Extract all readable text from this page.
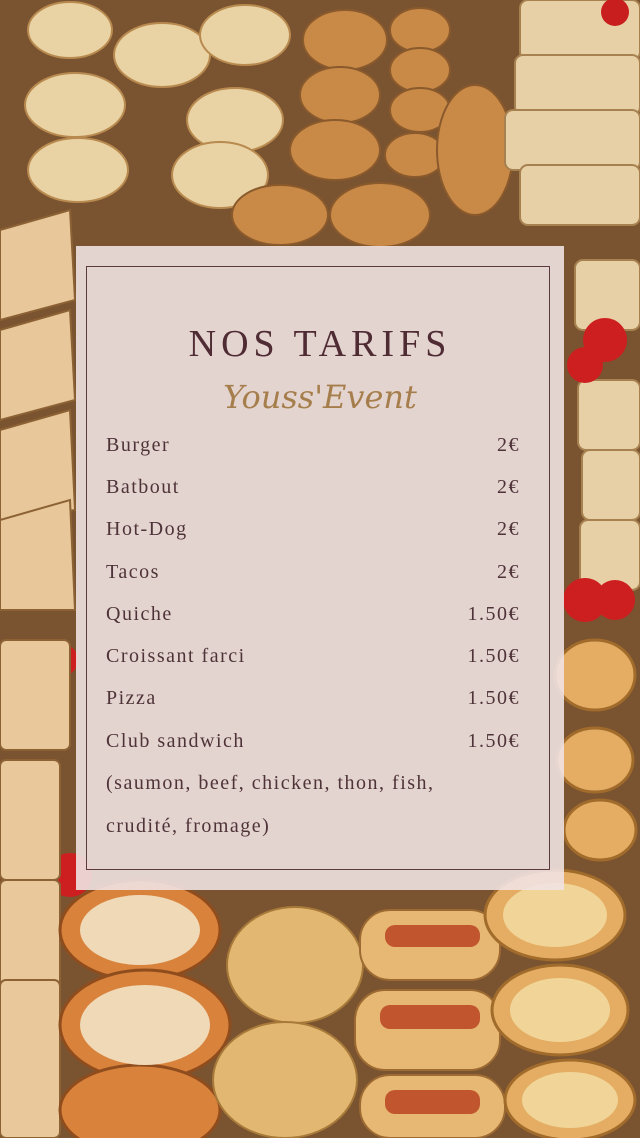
NOS TARIFS
Youss'Event
Burger	2€
Batbout	2€
Hot-Dog	2€
Tacos	2€
Quiche	1.50€
Croissant farci	1.50€
Pizza	1.50€
Club sandwich	1.50€
(saumon, beef, chicken, thon, fish,
crudité, fromage)
